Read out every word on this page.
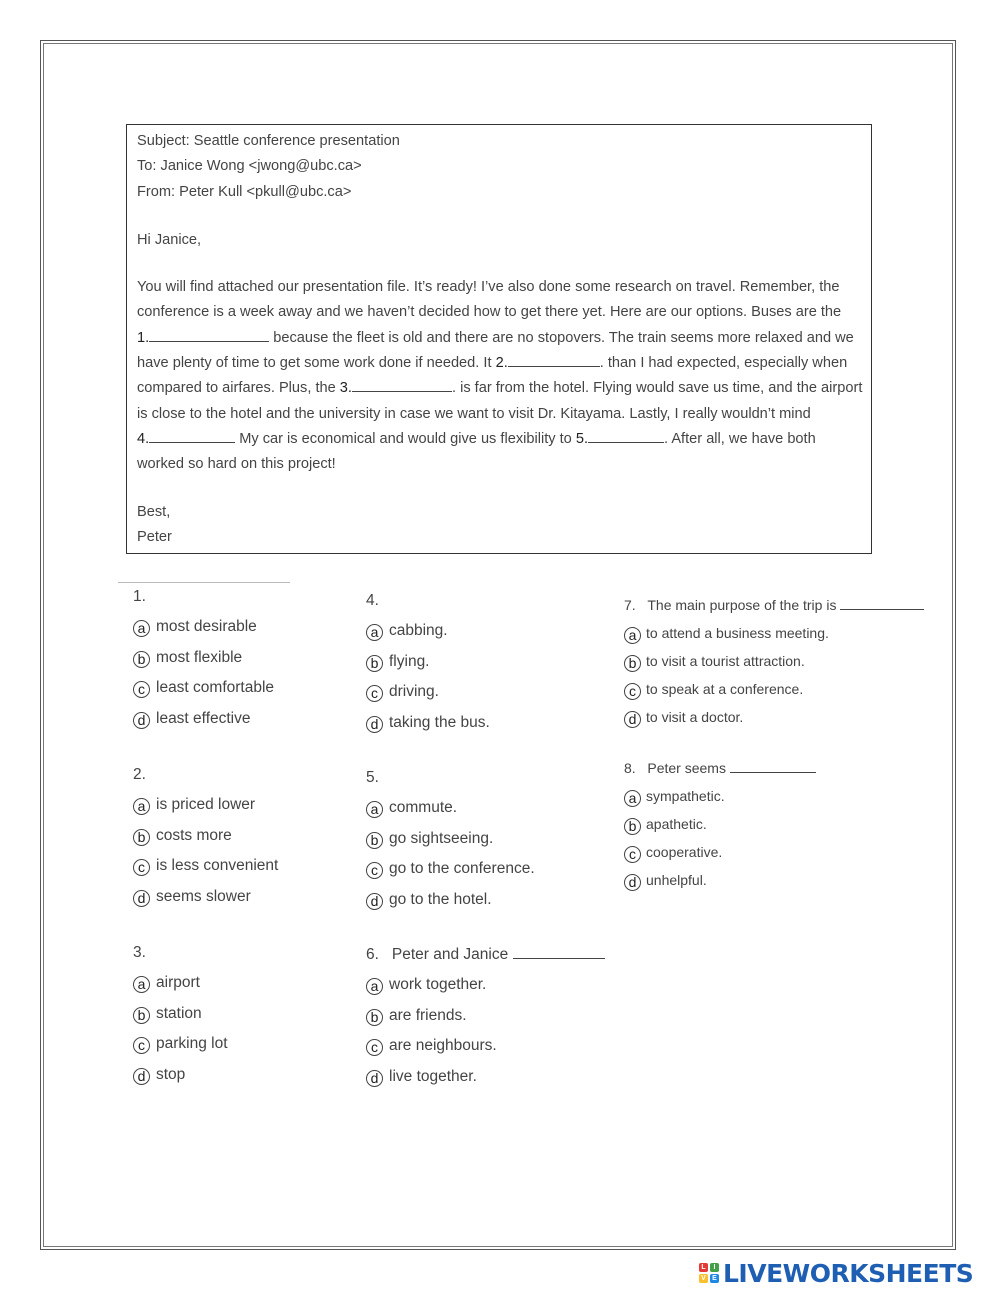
Subject: Seattle conference presentation
To: Janice Wong <jwong@ubc.ca>
From: Peter Kull <pkull@ubc.ca>
Hi Janice,
You will find attached our presentation file. It’s ready! I’ve also done some research on travel. Remember, the
conference is a week away and we haven’t decided how to get there yet. Here are our options. Buses are the
1.	because the fleet is old and there are no stopovers. The train seems more relaxed and we
have plenty of time to get some work done if needed. It 2.	. than I had expected, especially when
compared to airfares. Plus, the 3.	. is far from the hotel. Flying would save us time, and the airport
is close to the hotel and the university in case we want to visit Dr. Kitayama. Lastly, I really wouldn’t mind
4.	My car is economical and would give us flexibility to 5.	. After all, we have both
worked so hard on this project!
Best,
Peter
1.
a most desirable
b most flexible
c least comfortable
d least effective
2.
a is priced lower
b costs more
c is less convenient
d seems slower
3.
a airport
b station
c parking lot
d stop
4.
a cabbing.
b flying.
c driving.
d taking the bus.
5.
a commute.
b go sightseeing.
c go to the conference.
d go to the hotel.
6. Peter and Janice
a work together.
b are friends.
c are neighbours.
d live together.
7. The main purpose of the trip is
a to attend a business meeting.
b to visit a tourist attraction.
c to speak at a conference.
d to visit a doctor.
8. Peter seems
a sympathetic.
b apathetic.
c cooperative.
d unhelpful.
L	I
V E LIVEWORKSHEETS
